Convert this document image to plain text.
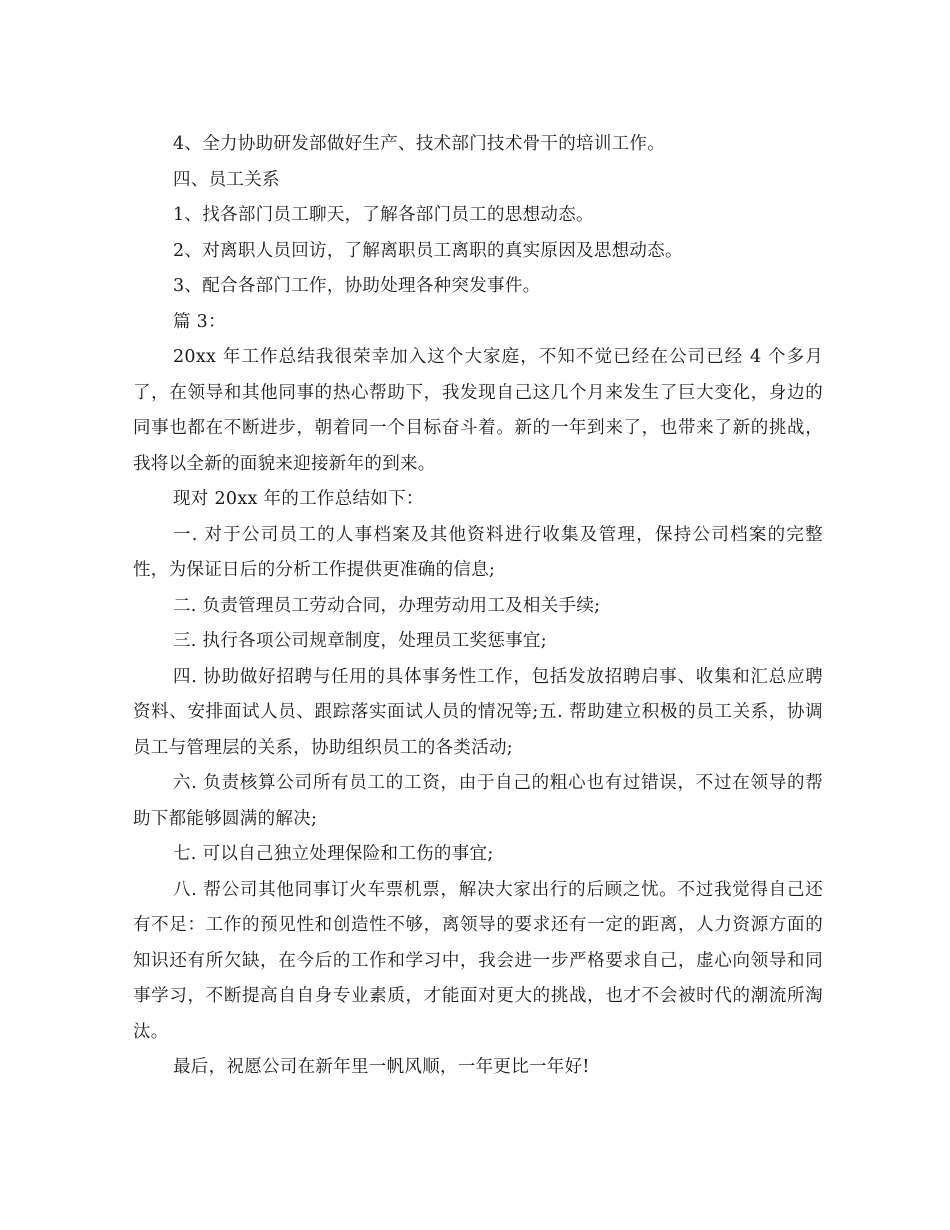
4、全力协助研发部做好生产、技术部门技术骨干的培训工作。

四、员工关系

1、找各部门员工聊天，了解各部门员工的思想动态。

2、对离职人员回访，了解离职员工离职的真实原因及思想动态。

3、配合各部门工作，协助处理各种突发事件。

篇 3：

20xx 年工作总结我很荣幸加入这个大家庭，不知不觉已经在公司已经 4 个多月了，在领导和其他同事的热心帮助下，我发现自己这几个月来发生了巨大变化，身边的同事也都在不断进步，朝着同一个目标奋斗着。新的一年到来了，也带来了新的挑战，我将以全新的面貌来迎接新年的到来。

现对 20xx 年的工作总结如下：

一. 对于公司员工的人事档案及其他资料进行收集及管理，保持公司档案的完整性，为保证日后的分析工作提供更准确的信息;

二. 负责管理员工劳动合同，办理劳动用工及相关手续;

三. 执行各项公司规章制度，处理员工奖惩事宜;

四. 协助做好招聘与任用的具体事务性工作，包括发放招聘启事、收集和汇总应聘资料、安排面试人员、跟踪落实面试人员的情况等;五. 帮助建立积极的员工关系，协调员工与管理层的关系，协助组织员工的各类活动;

六. 负责核算公司所有员工的工资，由于自己的粗心也有过错误，不过在领导的帮助下都能够圆满的解决;

七. 可以自己独立处理保险和工伤的事宜;

八. 帮公司其他同事订火车票机票，解决大家出行的后顾之忧。不过我觉得自己还有不足：工作的预见性和创造性不够，离领导的要求还有一定的距离，人力资源方面的知识还有所欠缺，在今后的工作和学习中，我会进一步严格要求自己，虚心向领导和同事学习，不断提高自自身专业素质，才能面对更大的挑战，也才不会被时代的潮流所淘汰。

最后，祝愿公司在新年里一帆风顺，一年更比一年好!
